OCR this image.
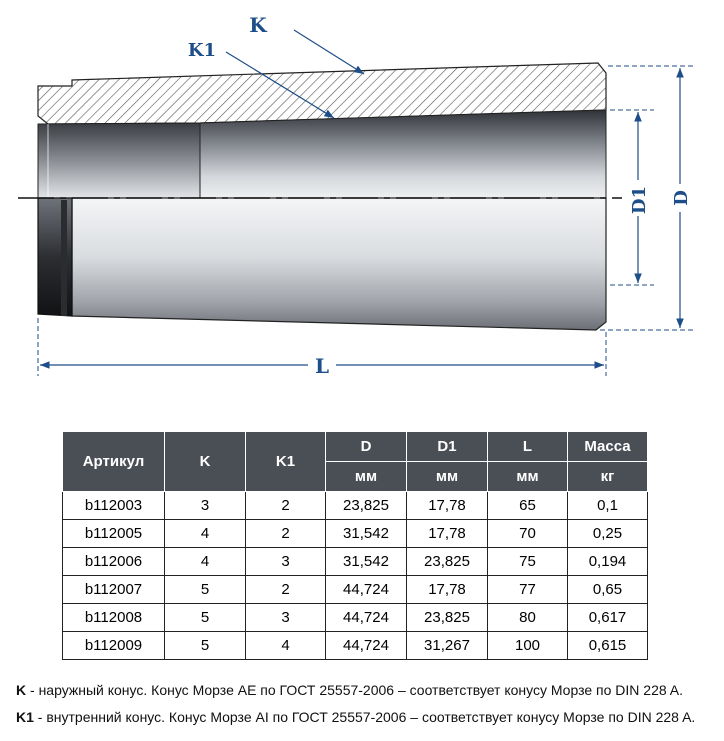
D1 D
L
K
K1
Артикул	K	K1	D	D1	L	Масса
			мм	мм	мм	кг
b112003	3	2	23,825	17,78	65	0,1
b112005	4	2	31,542	17,78	70	0,25
b112006	4	3	31,542	23,825	75	0,194
b112007	5	2	44,724	17,78	77	0,65
b112008	5	3	44,724	23,825	80	0,617
b112009	5	4	44,724	31,267	100	0,615
K - наружный конус. Конус Морзе AE по ГОСТ 25557-2006 – соответствует конусу Морзе по DIN 228 A.
K1 - внутренний конус. Конус Морзе AI по ГОСТ 25557-2006 – соответствует конусу Морзе по DIN 228 A.
